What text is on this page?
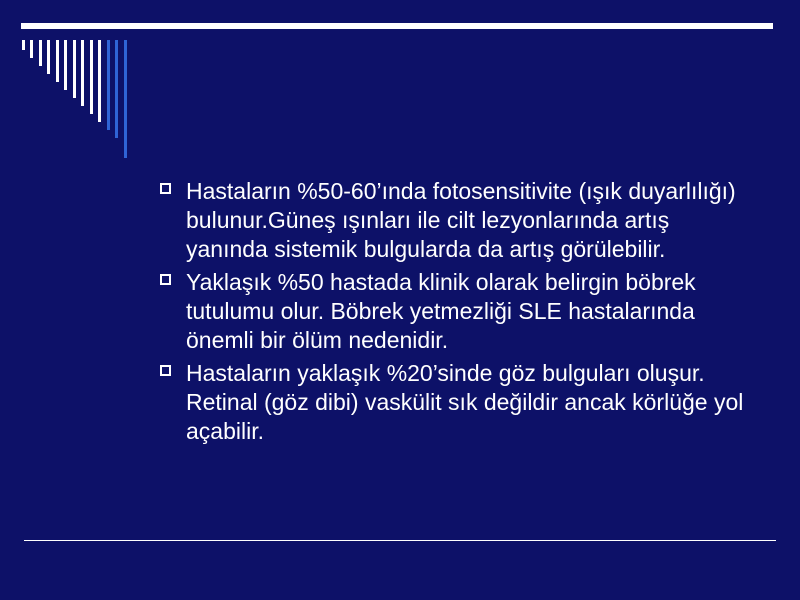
Hastaların %50-60’ında fotosensitivite (ışık duyarlılığı) bulunur.Güneş ışınları ile cilt lezyonlarında artış yanında sistemik bulgularda da artış görülebilir.
Yaklaşık %50 hastada klinik olarak belirgin böbrek tutulumu olur. Böbrek yetmezliği SLE hastalarında önemli bir ölüm nedenidir.
Hastaların yaklaşık %20’sinde göz bulguları oluşur. Retinal (göz dibi) vaskülit sık değildir ancak körlüğe yol açabilir.
